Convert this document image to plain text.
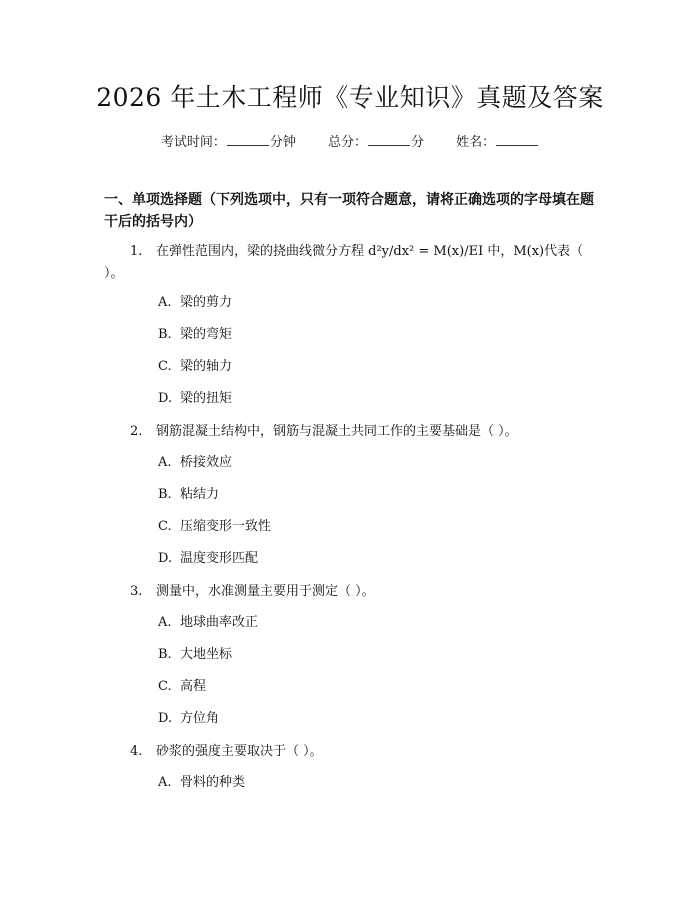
2026 年土木工程师《专业知识》真题及答案
考试时间：	分钟 总分：	分 姓名：
一、单项选择题（下列选项中，只有一项符合题意，请将正确选项的字母填在题干后的括号内）
1. 在弹性范围内，梁的挠曲线微分方程 d²y/dx² = M(x)/EI 中，M(x)代表（ ）。
A. 梁的剪力
B. 梁的弯矩
C. 梁的轴力
D. 梁的扭矩
2. 钢筋混凝土结构中，钢筋与混凝土共同工作的主要基础是（ ）。
A. 桥接效应
B. 粘结力
C. 压缩变形一致性
D. 温度变形匹配
3. 测量中，水准测量主要用于测定（ ）。
A. 地球曲率改正
B. 大地坐标
C. 高程
D. 方位角
4. 砂浆的强度主要取决于（ ）。
A. 骨料的种类
